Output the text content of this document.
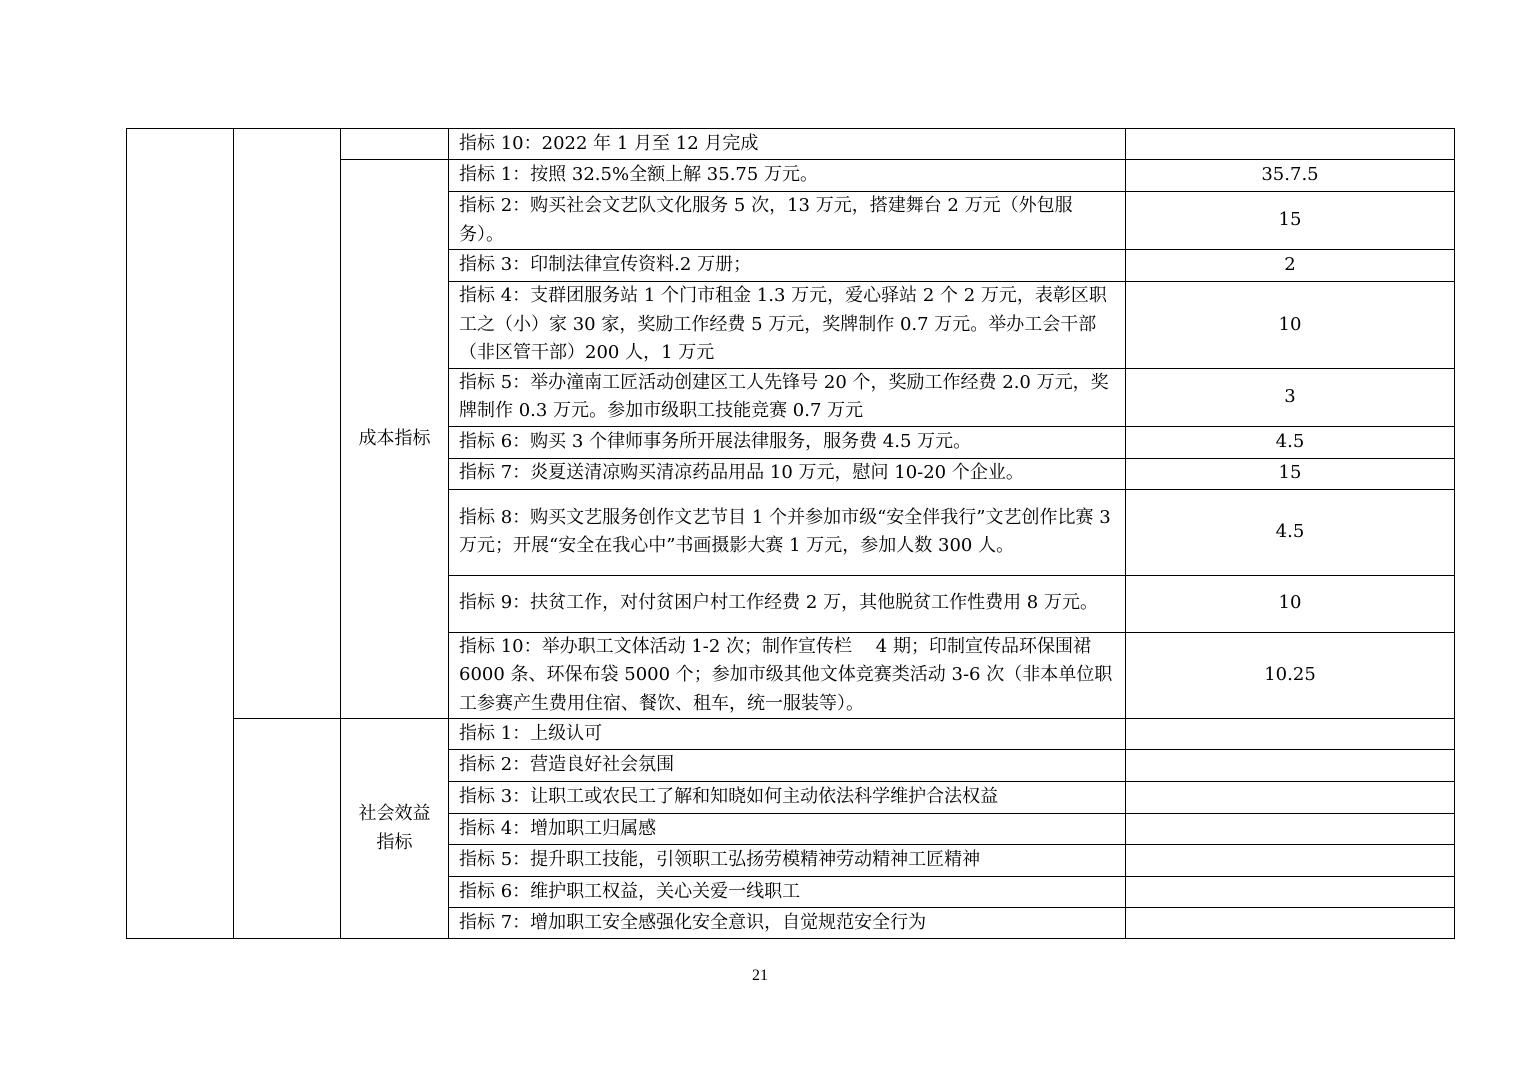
			指标 10：2022 年 1 月至 12 月完成	
		成本指标	指标 1：按照 32.5%全额上解 35.75 万元。	35.7.5
			指标 2：购买社会文艺队文化服务 5 次，13 万元，搭建舞台 2 万元（外包服务）。	15
			指标 3：印制法律宣传资料.2 万册；	2
			指标 4：支群团服务站 1 个门市租金 1.3 万元，爱心驿站 2 个 2 万元，表彰区职工之（小）家 30 家，奖励工作经费 5 万元，奖牌制作 0.7 万元。举办工会干部（非区管干部）200 人，1 万元	10
			指标 5：举办潼南工匠活动创建区工人先锋号 20 个，奖励工作经费 2.0 万元，奖牌制作 0.3 万元。参加市级职工技能竞赛 0.7 万元	3
			指标 6：购买 3 个律师事务所开展法律服务，服务费 4.5 万元。	4.5
			指标 7：炎夏送清凉购买清凉药品用品 10 万元，慰问 10-20 个企业。	15
			指标 8：购买文艺服务创作文艺节目 1 个并参加市级“安全伴我行”文艺创作比赛 3 万元；开展“安全在我心中”书画摄影大赛 1 万元，参加人数 300 人。	4.5
			指标 9：扶贫工作，对付贫困户村工作经费 2 万，其他脱贫工作性费用 8 万元。	10
			指标 10：举办职工文体活动 1-2 次；制作宣传栏　 4 期；印制宣传品环保围裙 6000 条、环保布袋 5000 个；参加市级其他文体竞赛类活动 3-6 次（非本单位职工参赛产生费用住宿、餐饮、租车，统一服装等）。	10.25
		社会效益指标	指标 1：上级认可	
			指标 2：营造良好社会氛围	
			指标 3：让职工或农民工了解和知晓如何主动依法科学维护合法权益	
			指标 4：增加职工归属感	
			指标 5：提升职工技能，引领职工弘扬劳模精神劳动精神工匠精神	
			指标 6：维护职工权益，关心关爱一线职工	
			指标 7：增加职工安全感强化安全意识，自觉规范安全行为	
21
